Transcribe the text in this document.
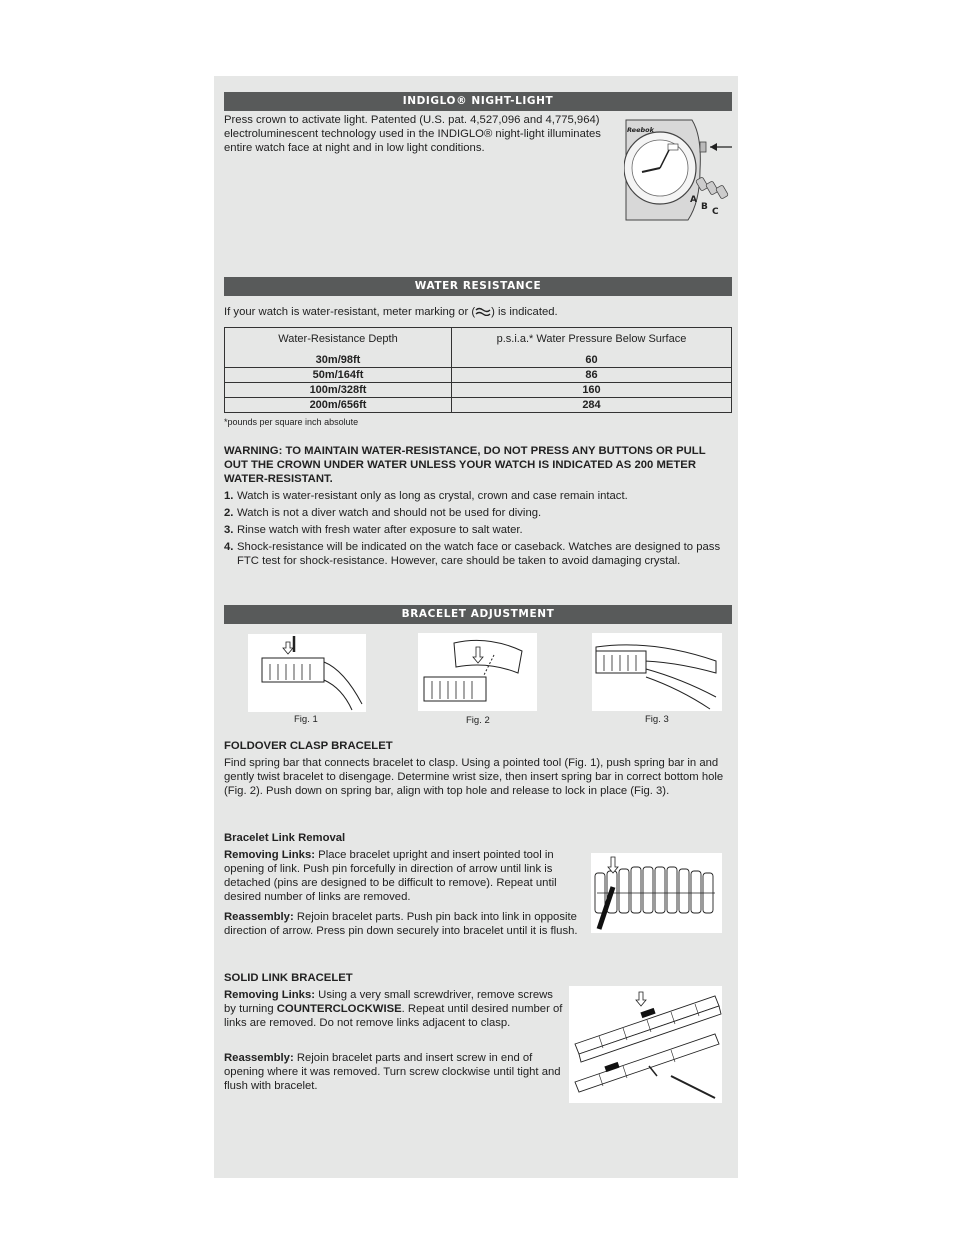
INDIGLO® NIGHT-LIGHT

Press crown to activate light. Patented (U.S. pat. 4,527,096 and 4,775,964) electroluminescent technology used in the INDIGLO® night-light illuminates entire watch face at night and in low light conditions.

Reebok
A
B C
WATER RESISTANCE

If your watch is water-resistant, meter marking or ( ) is indicated.

Water-Resistance Depth	p.s.i.a.* Water Pressure Below Surface
30m/98ft	60
50m/164ft	86
100m/328ft	160
200m/656ft	284

*pounds per square inch absolute

WARNING: TO MAINTAIN WATER-RESISTANCE, DO NOT PRESS ANY BUTTONS OR PULL OUT THE CROWN UNDER WATER UNLESS YOUR WATCH IS INDICATED AS 200 METER WATER-RESISTANT.

1. Watch is water-resistant only as long as crystal, crown and case remain intact.
2. Watch is not a diver watch and should not be used for diving.
3. Rinse watch with fresh water after exposure to salt water.
4. Shock-resistance will be indicated on the watch face or caseback. Watches are designed to pass FTC test for shock-resistance. However, care should be taken to avoid damaging crystal.
BRACELET ADJUSTMENT
Fig. 1	Fig. 2	Fig. 3

FOLDOVER CLASP BRACELET

Find spring bar that connects bracelet to clasp. Using a pointed tool (Fig. 1), push spring bar in and gently twist bracelet to disengage. Determine wrist size, then insert spring bar in correct bottom hole (Fig. 2). Push down on spring bar, align with top hole and release to lock in place (Fig. 3).

Bracelet Link Removal

Removing Links: Place bracelet upright and insert pointed tool in opening of link. Push pin forcefully in direction of arrow until link is detached (pins are designed to be difficult to remove). Repeat until desired number of links are removed.

Reassembly: Rejoin bracelet parts. Push pin back into link in opposite direction of arrow. Press pin down securely into bracelet until it is flush.

SOLID LINK BRACELET

Removing Links: Using a very small screwdriver, remove screws by turning COUNTERCLOCKWISE. Repeat until desired number of links are removed. Do not remove links adjacent to clasp.

Reassembly: Rejoin bracelet parts and insert screw in end of opening where it was removed. Turn screw clockwise until tight and flush with bracelet.
